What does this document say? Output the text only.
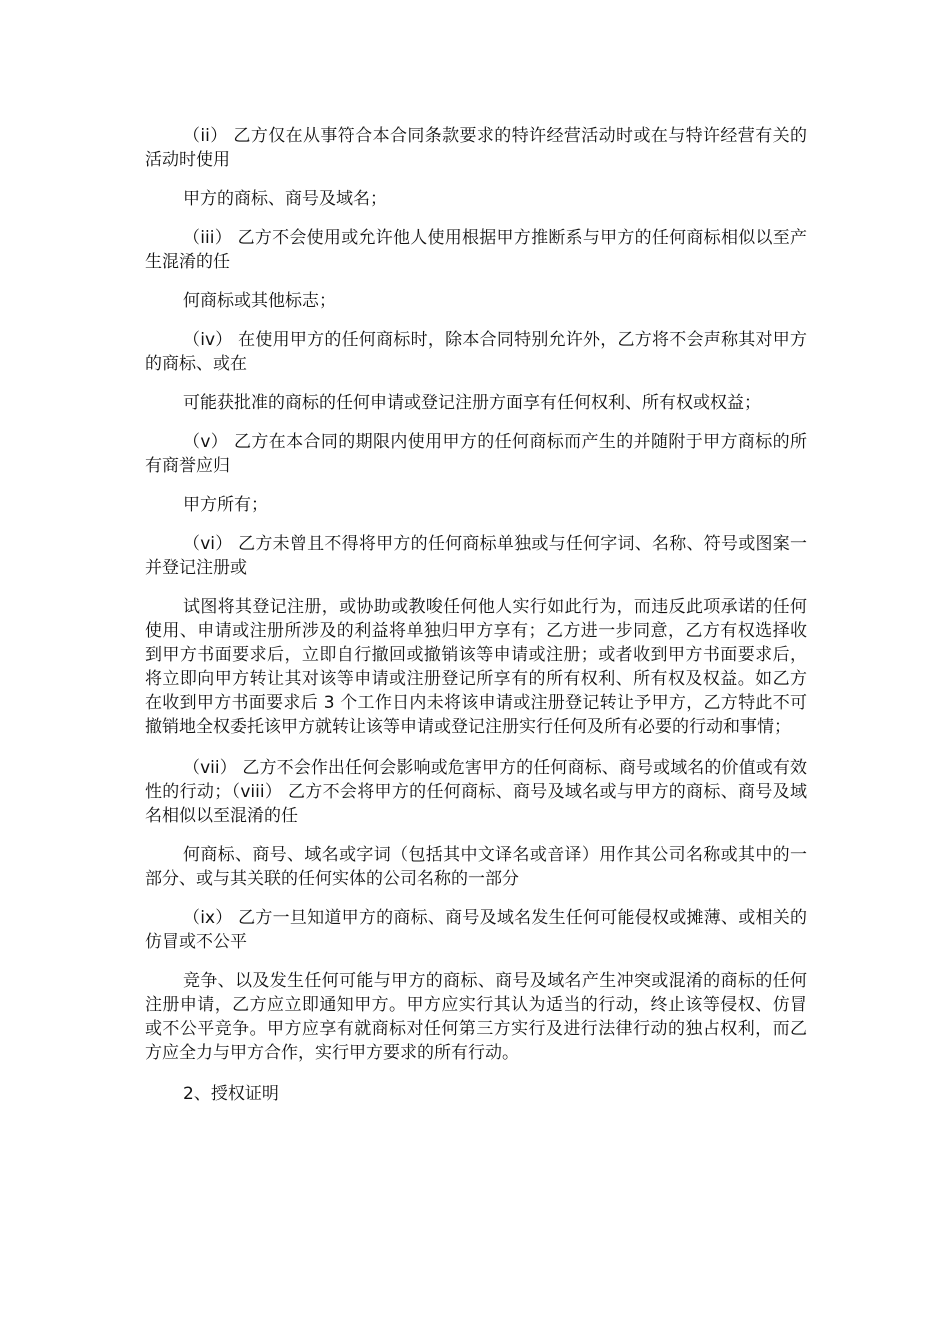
（ii） 乙方仅在从事符合本合同条款要求的特许经营活动时或在与特许经营有关的活动时使用

甲方的商标、商号及域名；

（iii） 乙方不会使用或允许他人使用根据甲方推断系与甲方的任何商标相似以至产生混淆的任

何商标或其他标志；

（iv） 在使用甲方的任何商标时，除本合同特别允许外，乙方将不会声称其对甲方的商标、或在

可能获批准的商标的任何申请或登记注册方面享有任何权利、所有权或权益；

（v） 乙方在本合同的期限内使用甲方的任何商标而产生的并随附于甲方商标的所有商誉应归

甲方所有；

（vi） 乙方未曾且不得将甲方的任何商标单独或与任何字词、名称、符号或图案一并登记注册或

试图将其登记注册，或协助或教唆任何他人实行如此行为，而违反此项承诺的任何使用、申请或注册所涉及的利益将单独归甲方享有；乙方进一步同意，乙方有权选择收到甲方书面要求后，立即自行撤回或撤销该等申请或注册；或者收到甲方书面要求后，将立即向甲方转让其对该等申请或注册登记所享有的所有权利、所有权及权益。如乙方在收到甲方书面要求后 3 个工作日内未将该申请或注册登记转让予甲方，乙方特此不可撤销地全权委托该甲方就转让该等申请或登记注册实行任何及所有必要的行动和事情；

（vii） 乙方不会作出任何会影响或危害甲方的任何商标、商号或域名的价值或有效性的行动；（viii） 乙方不会将甲方的任何商标、商号及域名或与甲方的商标、商号及域名相似以至混淆的任

何商标、商号、域名或字词（包括其中文译名或音译）用作其公司名称或其中的一部分、或与其关联的任何实体的公司名称的一部分

（ix） 乙方一旦知道甲方的商标、商号及域名发生任何可能侵权或摊薄、或相关的仿冒或不公平

竞争、以及发生任何可能与甲方的商标、商号及域名产生冲突或混淆的商标的任何注册申请，乙方应立即通知甲方。甲方应实行其认为适当的行动，终止该等侵权、仿冒或不公平竞争。甲方应享有就商标对任何第三方实行及进行法律行动的独占权利，而乙方应全力与甲方合作，实行甲方要求的所有行动。

2、授权证明
